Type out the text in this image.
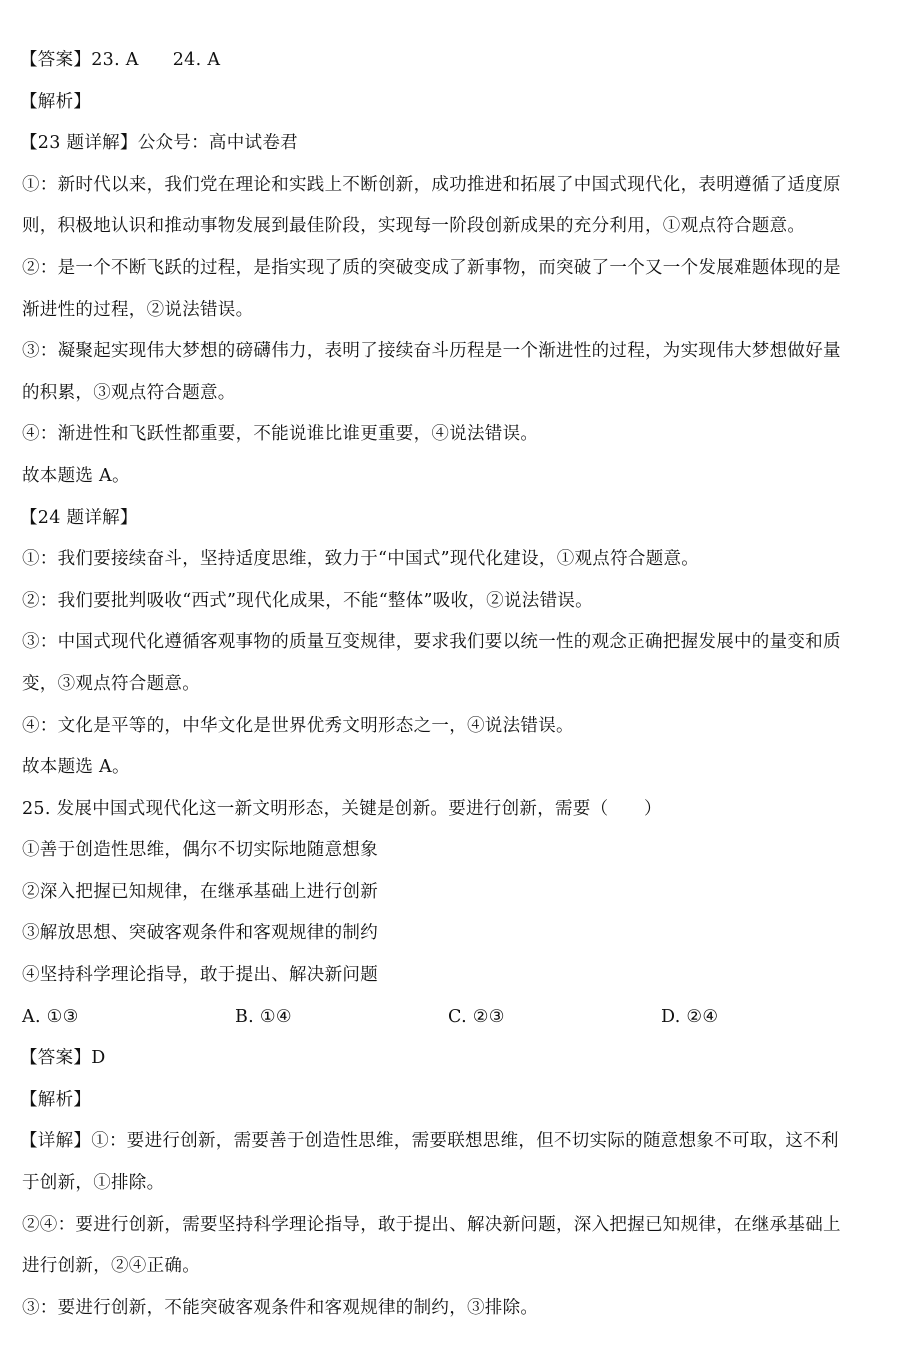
【答案】23. A 24. A
【解析】
【23 题详解】公众号：高中试卷君
①：新时代以来，我们党在理论和实践上不断创新，成功推进和拓展了中国式现代化，表明遵循了适度原
则，积极地认识和推动事物发展到最佳阶段，实现每一阶段创新成果的充分利用，①观点符合题意。
②：是一个不断飞跃的过程，是指实现了质的突破变成了新事物，而突破了一个又一个发展难题体现的是
渐进性的过程，②说法错误。
③：凝聚起实现伟大梦想的磅礴伟力，表明了接续奋斗历程是一个渐进性的过程，为实现伟大梦想做好量
的积累，③观点符合题意。
④：渐进性和飞跃性都重要，不能说谁比谁更重要，④说法错误。
故本题选 A。
【24 题详解】
①：我们要接续奋斗，坚持适度思维，致力于“中国式”现代化建设，①观点符合题意。
②：我们要批判吸收“西式”现代化成果，不能“整体”吸收，②说法错误。
③：中国式现代化遵循客观事物的质量互变规律，要求我们要以统一性的观念正确把握发展中的量变和质
变，③观点符合题意。
④：文化是平等的，中华文化是世界优秀文明形态之一，④说法错误。
故本题选 A。
25. 发展中国式现代化这一新文明形态，关键是创新。要进行创新，需要（　　）
①善于创造性思维，偶尔不切实际地随意想象
②深入把握已知规律，在继承基础上进行创新
③解放思想、突破客观条件和客观规律的制约
④坚持科学理论指导，敢于提出、解决新问题
A. ①③	B. ①④	C. ②③	D. ②④
【答案】D
【解析】
【详解】①：要进行创新，需要善于创造性思维，需要联想思维，但不切实际的随意想象不可取，这不利
于创新，①排除。
②④：要进行创新，需要坚持科学理论指导，敢于提出、解决新问题，深入把握已知规律，在继承基础上
进行创新，②④正确。
③：要进行创新，不能突破客观条件和客观规律的制约，③排除。
